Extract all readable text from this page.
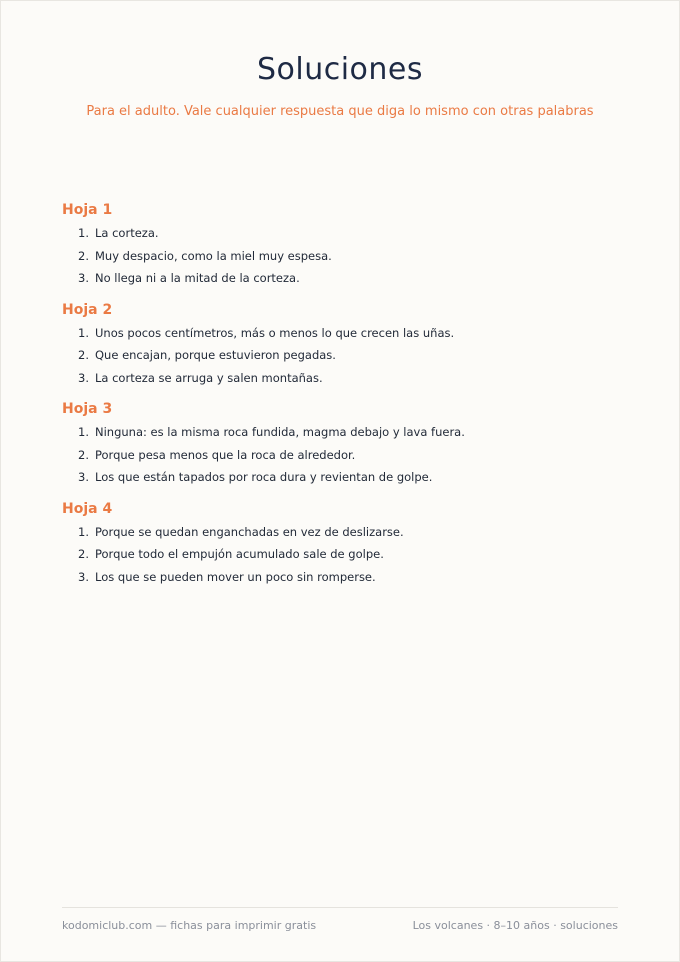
Soluciones

Para el adulto. Vale cualquier respuesta que diga lo mismo con otras palabras

Hoja 1
1. La corteza.
2. Muy despacio, como la miel muy espesa.
3. No llega ni a la mitad de la corteza.
Hoja 2
1. Unos pocos centímetros, más o menos lo que crecen las uñas.
2. Que encajan, porque estuvieron pegadas.
3. La corteza se arruga y salen montañas.
Hoja 3
1. Ninguna: es la misma roca fundida, magma debajo y lava fuera.
2. Porque pesa menos que la roca de alrededor.
3. Los que están tapados por roca dura y revientan de golpe.
Hoja 4
1. Porque se quedan enganchadas en vez de deslizarse.
2. Porque todo el empujón acumulado sale de golpe.
3. Los que se pueden mover un poco sin romperse.
kodomiclub.com — fichas para imprimir gratis	Los volcanes · 8–10 años · soluciones
